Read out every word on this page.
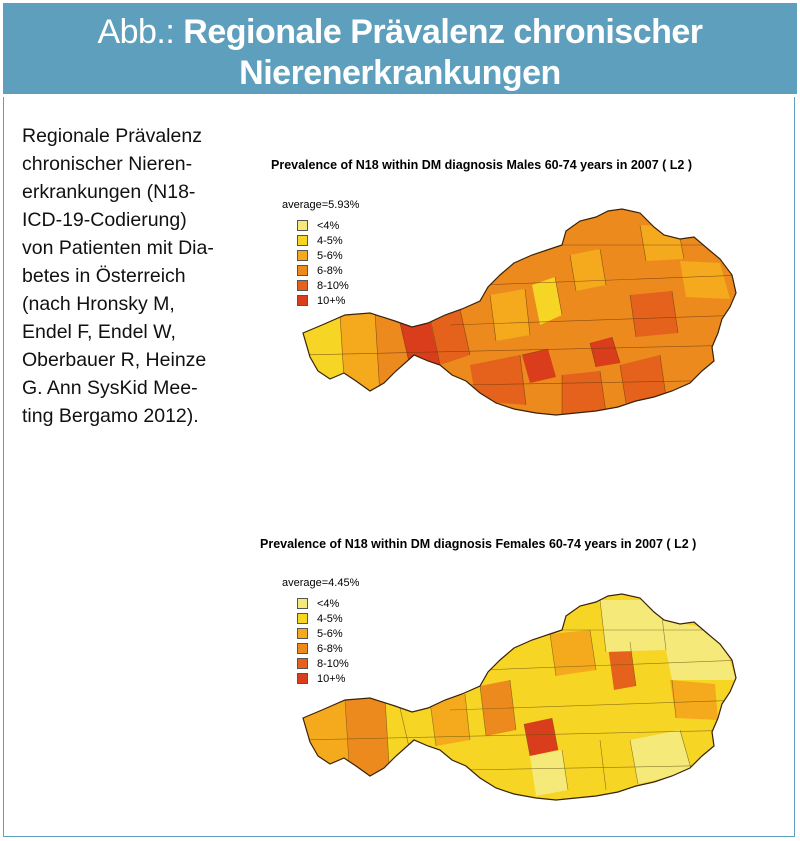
Abb.: Regionale Prävalenz chronischer
Nierenerkrankungen
Regionale Prävalenz
chronischer Nieren-
erkrankungen (N18-
ICD-19-Codierung)
von Patienten mit Dia-
betes in Österreich
(nach Hronsky M,
Endel F, Endel W,
Oberbauer R, Heinze
G. Ann SysKid Mee-
ting Bergamo 2012).
Prevalence of N18 within DM diagnosis Males 60-74 years in 2007 ( L2 )
average=5.93%
<4%
4-5%
5-6%
6-8%
8-10%
10+%
Prevalence of N18 within DM diagnosis Females 60-74 years in 2007 ( L2 )
average=4.45%
<4%
4-5%
5-6%
6-8%
8-10%
10+%
